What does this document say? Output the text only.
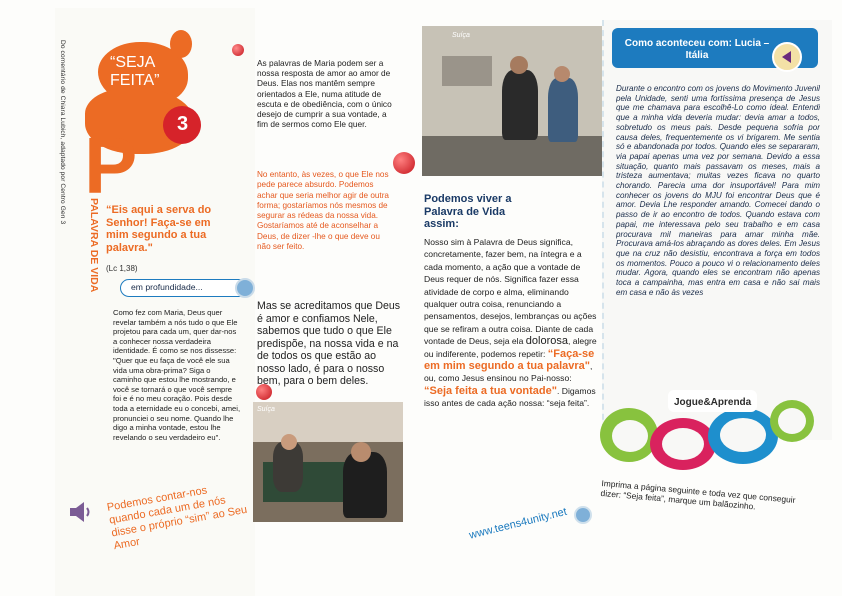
Do comentário de Chiara Lubich, adaptado por Centro Gen 3	“SEJA
FEITA”
3
P
PALAVRA DE VIDA “Eis aqui a serva do Senhor! Faça-se em mim segundo a tua palavra."
(Lc 1,38)
em profundidade...
Como fez com Maria, Deus quer revelar também a nós tudo o que Ele projetou para cada um, quer dar-nos a conhecer nossa verdadeira identidade. É como se nos dissesse: "Quer que eu faça de você ele sua vida uma obra-prima? Siga o caminho que estou lhe mostrando, e você se tornará o que você sempre foi e é no meu coração. Pois desde toda a eternidade eu o concebi, amei, pronunciei o seu nome. Quando lhe digo a minha vontade, estou lhe revelando o seu verdadeiro eu".
Suíça
Podemos contar-nos quando cada um de nós disse o próprio “sim” ao Seu Amor
Suíça
As palavras de Maria podem ser a nossa resposta de amor ao amor de Deus. Elas nos mantêm sempre orientados a Ele, numa atitude de escuta e de obediência, com o único desejo de cumprir a sua vontade, a fim de sermos como Ele quer.
No entanto, às vezes, o que Ele nos pede parece absurdo. Podemos achar que seria melhor agir de outra forma; gostaríamos nós mesmos de segurar as rédeas da nossa vida. Gostaríamos até de aconselhar a Deus, de dizer -lhe o que deve ou não ser feito.
Mas se acreditamos que Deus é amor e confiamos Nele, sabemos que tudo o que Ele predispõe, na nossa vida e na de todos os que estão ao nosso lado, é para o nosso bem, para o bem deles.
Podemos viver a Palavra de Vida assim:
Nosso sim à Palavra de Deus significa, concretamente, fazer bem, na íntegra e a cada momento, a ação que a vontade de Deus requer de nós. Significa fazer essa atividade de corpo e alma, eliminando qualquer outra coisa, renunciando a pensamentos, desejos, lembranças ou ações que se refiram a outra coisa. Diante de cada vontade de Deus, seja ela dolorosa, alegre ou indiferente, podemos repetir: “Faça-se em mim segundo a tua palavra", ou, como Jesus ensinou no Pai-nosso: “Seja feita a tua vontade". Digamos isso antes de cada ação nossa: “seja feita”.
www.teens4unity.net
Como aconteceu com: Lucia – Itália
Durante o encontro com os jovens do Movimento Juvenil pela Unidade, senti uma fortíssima presença de Jesus que me chamava para escolhê-Lo como ideal. Entendi que a minha vida deveria mudar: devia amar a todos, sobretudo os meus pais. Desde pequena sofria por causa deles, frequentemente os vi brigarem. Me sentia só e abandonada por todos. Quando eles se separaram, via papai apenas uma vez por semana. Devido a essa situação, quanto mais passavam os meses, mais a tristeza aumentava; muitas vezes ficava no quarto chorando. Parecia uma dor insuportável! Para mim conhecer os jovens do MJU foi encontrar Deus que é amor. Devia Lhe responder amando. Comecei dando o passo de ir ao encontro de todos. Quando estava com papai, me interessava pelo seu trabalho e em casa procurava mil maneiras para amar minha mãe. Procurava amá-los abraçando as dores deles. Em Jesus que na cruz não desistiu, encontrava a força em todos os momentos. Pouco a pouco vi o relacionamento deles mudar. Agora, quando eles se encontram não apenas toca a campainha, mas entra em casa e não sai mais em casa e não às vezes
Jogue&Aprenda
Imprima a página seguinte e toda vez que conseguir dizer: “Seja feita”, marque um balãozinho.
